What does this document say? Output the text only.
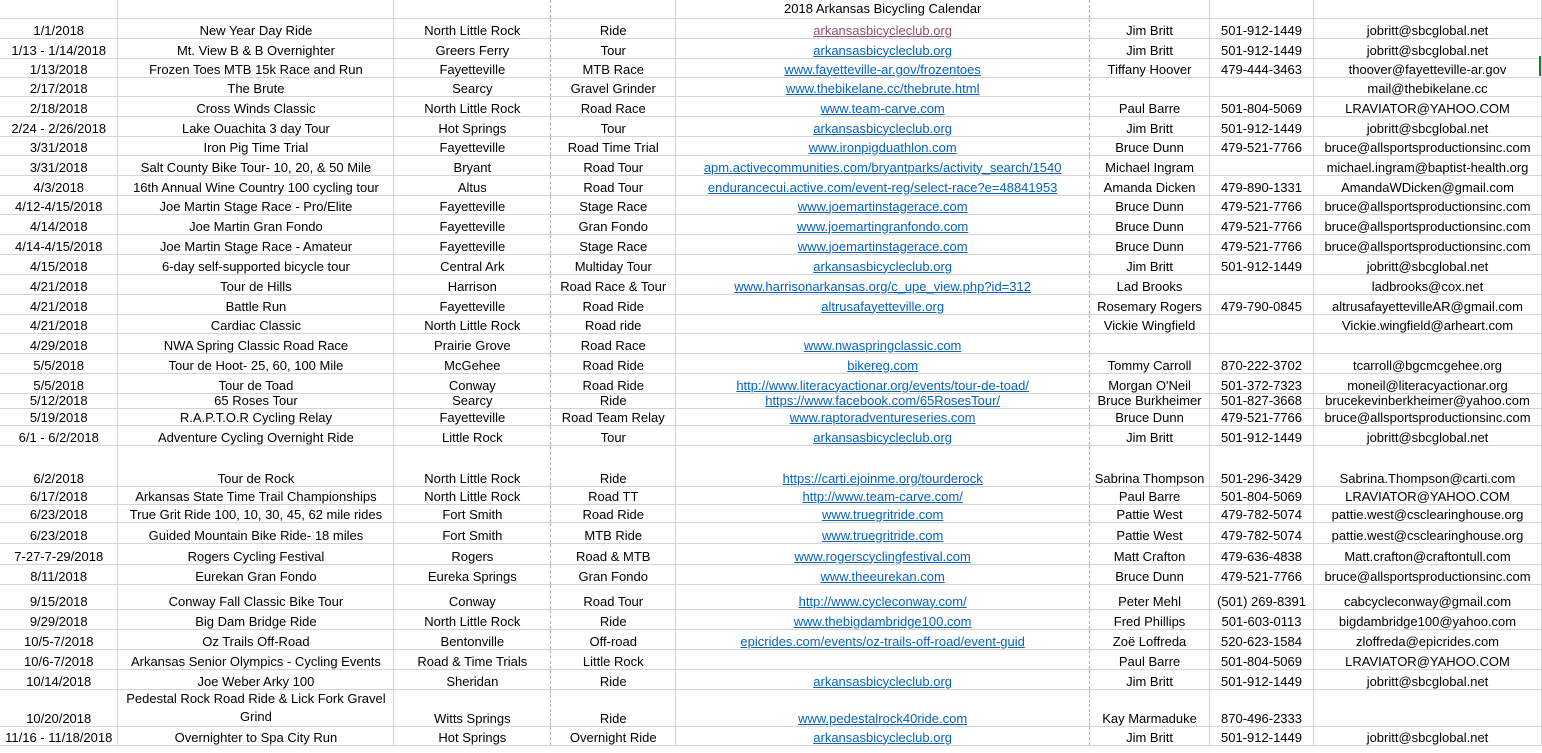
				2018 Arkansas Bicycling Calendar			
1/1/2018	New Year Day Ride	North Little Rock	Ride	arkansasbicycleclub.org	Jim Britt	501-912-1449	jobritt@sbcglobal.net
1/13 - 1/14/2018	Mt. View B & B Overnighter	Greers Ferry	Tour	arkansasbicycleclub.org	Jim Britt	501-912-1449	jobritt@sbcglobal.net
1/13/2018	Frozen Toes MTB 15k Race and Run	Fayetteville	MTB Race	www.fayetteville-ar.gov/frozentoes	Tiffany Hoover	479-444-3463	thoover@fayetteville-ar.gov
2/17/2018	The Brute	Searcy	Gravel Grinder	www.thebikelane.cc/thebrute.html			mail@thebikelane.cc
2/18/2018	Cross Winds Classic	North Little Rock	Road Race	www.team-carve.com	Paul Barre	501-804-5069	LRAVIATOR@YAHOO.COM
2/24 - 2/26/2018	Lake Ouachita 3 day Tour	Hot Springs	Tour	arkansasbicycleclub.org	Jim Britt	501-912-1449	jobritt@sbcglobal.net
3/31/2018	Iron Pig Time Trial	Fayetteville	Road Time Trial	www.ironpigduathlon.com	Bruce Dunn	479-521-7766	bruce@allsportsproductionsinc.com
3/31/2018	Salt County Bike Tour- 10, 20, & 50 Mile	Bryant	Road Tour	apm.activecommunities.com/bryantparks/activity_search/1540	Michael Ingram		michael.ingram@baptist-health.org
4/3/2018	16th Annual Wine Country 100 cycling tour	Altus	Road Tour	endurancecui.active.com/event-reg/select-race?e=48841953	Amanda Dicken	479-890-1331	AmandaWDicken@gmail.com
4/12-4/15/2018	Joe Martin Stage Race - Pro/Elite	Fayetteville	Stage Race	www.joemartinstagerace.com	Bruce Dunn	479-521-7766	bruce@allsportsproductionsinc.com
4/14/2018	Joe Martin Gran Fondo	Fayetteville	Gran Fondo	www.joemartingranfondo.com	Bruce Dunn	479-521-7766	bruce@allsportsproductionsinc.com
4/14-4/15/2018	Joe Martin Stage Race - Amateur	Fayetteville	Stage Race	www.joemartinstagerace.com	Bruce Dunn	479-521-7766	bruce@allsportsproductionsinc.com
4/15/2018	6-day self-supported bicycle tour	Central Ark	Multiday Tour	arkansasbicycleclub.org	Jim Britt	501-912-1449	jobritt@sbcglobal.net
4/21/2018	Tour de Hills	Harrison	Road Race & Tour	www.harrisonarkansas.org/c_upe_view.php?id=312	Lad Brooks		ladbrooks@cox.net
4/21/2018	Battle Run	Fayetteville	Road Ride	altrusafayetteville.org	Rosemary Rogers	479-790-0845	altrusafayettevilleAR@gmail.com
4/21/2018	Cardiac Classic	North Little Rock	Road ride		Vickie Wingfield		Vickie.wingfield@arheart.com
4/29/2018	NWA Spring Classic Road Race	Prairie Grove	Road Race	www.nwaspringclassic.com			
5/5/2018	Tour de Hoot- 25, 60, 100 Mile	McGehee	Road Ride	bikereg.com	Tommy Carroll	870-222-3702	tcarroll@bgcmcgehee.org
5/5/2018	Tour de Toad	Conway	Road Ride	http://www.literacyactionar.org/events/tour-de-toad/	Morgan O'Neil	501-372-7323	moneil@literacyactionar.org
5/12/2018	65 Roses Tour	Searcy	Ride	https://www.facebook.com/65RosesTour/	Bruce Burkheimer	501-827-3668	brucekevinberkheimer@yahoo.com
5/19/2018	R.A.P.T.O.R Cycling Relay	Fayetteville	Road Team Relay	www.raptoradventureseries.com	Bruce Dunn	479-521-7766	bruce@allsportsproductionsinc.com
6/1 - 6/2/2018	Adventure Cycling Overnight Ride	Little Rock	Tour	arkansasbicycleclub.org	Jim Britt	501-912-1449	jobritt@sbcglobal.net
6/2/2018	Tour de Rock	North Little Rock	Ride	https://carti.ejoinme.org/tourderock	Sabrina Thompson	501-296-3429	Sabrina.Thompson@carti.com
6/17/2018	Arkansas State Time Trail Championships	North Little Rock	Road TT	http://www.team-carve.com/	Paul Barre	501-804-5069	LRAVIATOR@YAHOO.COM
6/23/2018	True Grit Ride 100, 10, 30, 45, 62 mile rides	Fort Smith	Road Ride	www.truegritride.com	Pattie West	479-782-5074	pattie.west@csclearinghouse.org
6/23/2018	Guided Mountain Bike Ride- 18 miles	Fort Smith	MTB Ride	www.truegritride.com	Pattie West	479-782-5074	pattie.west@csclearinghouse.org
7-27-7-29/2018	Rogers Cycling Festival	Rogers	Road & MTB	www.rogerscyclingfestival.com	Matt Crafton	479-636-4838	Matt.crafton@craftontull.com
8/11/2018	Eurekan Gran Fondo	Eureka Springs	Gran Fondo	www.theeurekan.com	Bruce Dunn	479-521-7766	bruce@allsportsproductionsinc.com
9/15/2018	Conway Fall Classic Bike Tour	Conway	Road Tour	http://www.cycleconway.com/	Peter Mehl	(501) 269-8391	cabcycleconway@gmail.com
9/29/2018	Big Dam Bridge Ride	North Little Rock	Ride	www.thebigdambridge100.com	Fred Phillips	501-603-0113	bigdambridge100@yahoo.com
10/5-7/2018	Oz Trails Off-Road	Bentonville	Off-road	epicrides.com/events/oz-trails-off-road/event-guid	Zoë Loffreda	520-623-1584	zloffreda@epicrides.com
10/6-7/2018	Arkansas Senior Olympics - Cycling Events	Road & Time Trials	Little Rock		Paul Barre	501-804-5069	LRAVIATOR@YAHOO.COM
10/14/2018	Joe Weber Arky 100	Sheridan	Ride	arkansasbicycleclub.org	Jim Britt	501-912-1449	jobritt@sbcglobal.net
10/20/2018	Pedestal Rock Road Ride & Lick Fork Gravel Grind	Witts Springs	Ride	www.pedestalrock40ride.com	Kay Marmaduke	870-496-2333	
11/16 - 11/18/2018	Overnighter to Spa City Run	Hot Springs	Overnight Ride	arkansasbicycleclub.org	Jim Britt	501-912-1449	jobritt@sbcglobal.net
